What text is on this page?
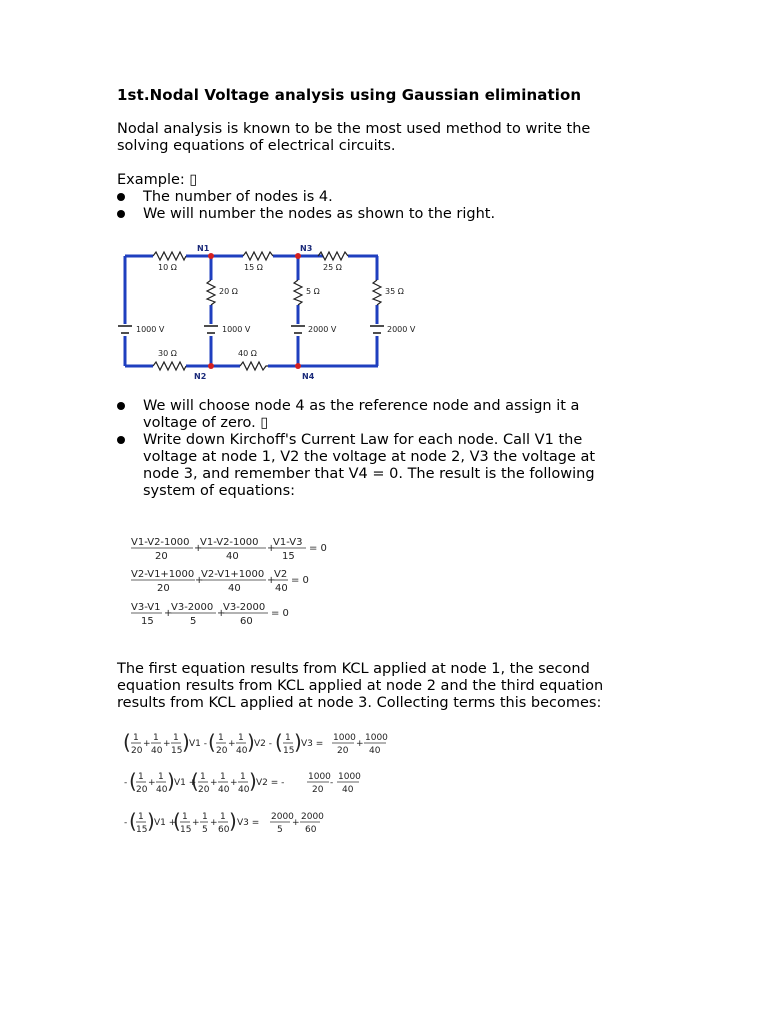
1st.Nodal Voltage analysis using Gaussian elimination

Nodal analysis is known to be the most used method to write the
solving equations of electrical circuits.

Example: ▯

The number of nodes is 4.
We will number the nodes as shown to the right.
N1
N2
N3
N4
10 Ω	15 Ω	25 Ω
20 Ω	5 Ω	35 Ω
30 Ω	40 Ω
1000 V	1000 V	2000 V	2000 V
We will choose node 4 as the reference node and assign it a
voltage of zero. ▯
Write down Kirchoff's Current Law for each node. Call V1 the
voltage at node 1, V2 the voltage at node 2, V3 the voltage at
node 3, and remember that V4 = 0. The result is the following
system of equations:
V1-V2-1000
20
+
V1-V2-1000
40
+
V1-V3
15
= 0
V2-V1+1000
20
+
V2-V1+1000
40
+
V2
40
= 0
V3-V1
15
+
V3-2000
5
+
V3-2000
60
= 0

The first equation results from KCL applied at node 1, the second
equation results from KCL applied at node 2 and the third equation
results from KCL applied at node 3. Collecting terms this becomes:

(	) ( ) ( )
( ) (	)
( ) ( )
1
20
+
1
40
+
1
15
V1 -
1
20
+
1
40
V2 -
1
15
V3 =
1000
20
+
1000
40
-
1
20
+
1
40
V1 +
1
20
+
1
40
+
1
40
V2 = -
1000
20
-
1000
40
-
1
15
V1 +
1
15
+
1
5
+
1
60
V3 =
2000
5
+
2000
60
